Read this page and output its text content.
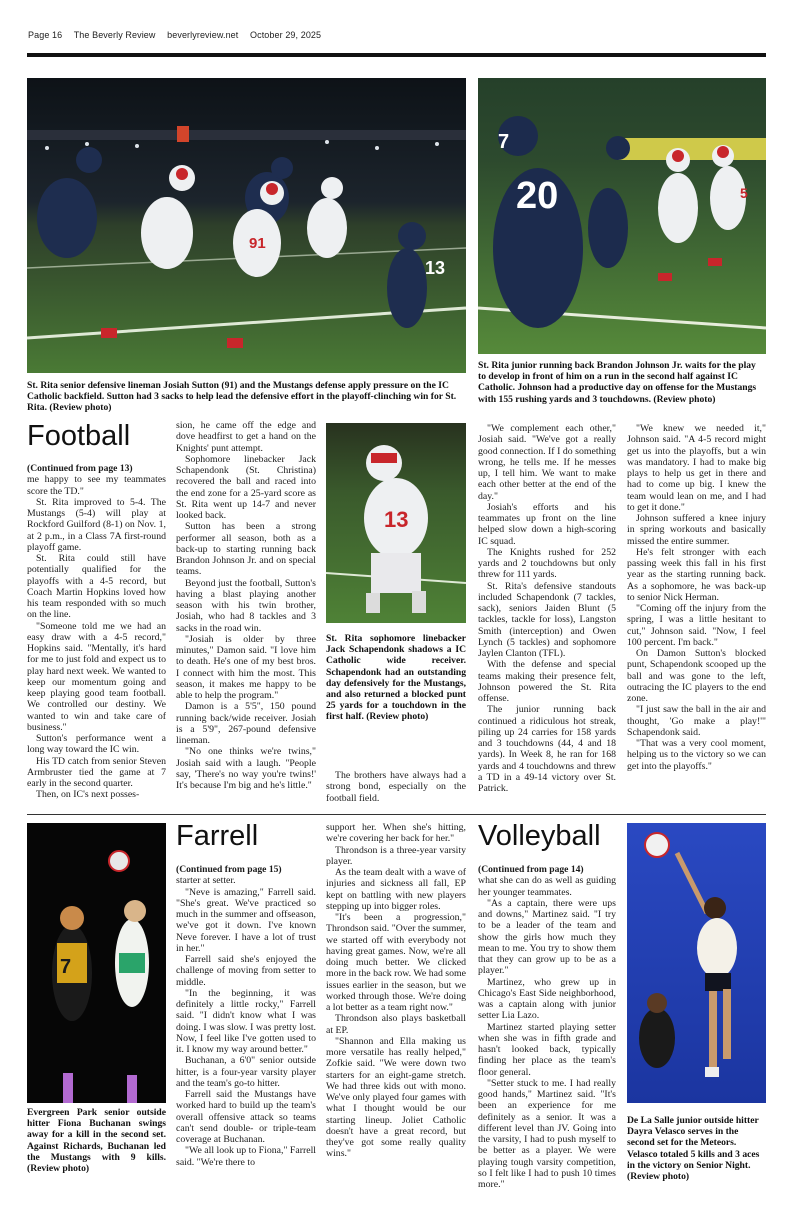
Page 16 The Beverly Review beverlyreview.net October 29, 2025
13
91
20
7
5
St. Rita senior defensive lineman Josiah Sutton (91) and the Mustangs defense apply pressure on the IC Catholic backfield. Sutton had 3 sacks to help lead the defensive effort in the playoff-clinching win for St. Rita. (Review photo)
St. Rita junior running back Brandon Johnson Jr. waits for the play to develop in front of him on a run in the second half against IC Catholic. Johnson had a productive day on offense for the Mustangs with 155 rushing yards and 3 touchdowns. (Review photo)
Football

(Continued from page 13)

me happy to see my teammates score the TD."

St. Rita improved to 5-4. The Mustangs (5-4) will play at Rockford Guilford (8-1) on Nov. 1, at 2 p.m., in a Class 7A first-round playoff game.

St. Rita could still have potentially qualified for the playoffs with a 4-5 record, but Coach Martin Hopkins loved how his team responded with so much on the line.

"Someone told me we had an easy draw with a 4-5 record," Hopkins said. "Mentally, it's hard for me to just fold and expect us to play hard next week. We wanted to keep our momentum going and keep playing good team football. We controlled our destiny. We wanted to win and take care of business."

Sutton's performance went a long way toward the IC win.

His TD catch from senior Steven Armbruster tied the game at 7 early in the second quarter.

Then, on IC's next posses-

sion, he came off the edge and dove headfirst to get a hand on the Knights' punt attempt.

Sophomore linebacker Jack Schapendonk (St. Christina) recovered the ball and raced into the end zone for a 25-yard score as St. Rita went up 14-7 and never looked back.

Sutton has been a strong performer all season, both as a back-up to starting running back Brandon Johnson Jr. and on special teams.

Beyond just the football, Sutton's having a blast playing another season with his twin brother, Josiah, who had 8 tackles and 3 sacks in the road win.

"Josiah is older by three minutes," Damon said. "I love him to death. He's one of my best bros. I connect with him the most. This season, it makes me happy to be able to help the program."

Damon is a 5'5", 150 pound running back/wide receiver. Josiah is a 5'9", 267-pound defensive lineman.

"No one thinks we're twins," Josiah said with a laugh. "People say, 'There's no way you're twins!' It's because I'm big and he's little."

13
St. Rita sophomore linebacker Jack Schapendonk shadows a IC Catholic wide receiver. Schapendonk had an outstanding day defensively for the Mustangs, and also returned a blocked punt 25 yards for a touchdown in the first half. (Review photo)

The brothers have always had a strong bond, especially on the football field.

"We complement each other," Josiah said. "We've got a really good connection. If I do something wrong, he tells me. If he messes up, I tell him. We want to make each other better at the end of the day."

Josiah's efforts and his teammates up front on the line helped slow down a high-scoring IC squad.

The Knights rushed for 252 yards and 2 touchdowns but only threw for 111 yards.

St. Rita's defensive standouts included Schapendonk (7 tackles, sack), seniors Jaiden Blunt (5 tackles, tackle for loss), Langston Smith (interception) and Owen Lynch (5 tackles) and sophomore Jaylen Clanton (TFL).

With the defense and special teams making their presence felt, Johnson powered the St. Rita offense.

The junior running back continued a ridiculous hot streak, piling up 24 carries for 158 yards and 3 touchdowns (44, 4 and 18 yards). In Week 8, he ran for 168 yards and 4 touchdowns and threw a TD in a 49-14 victory over St. Patrick.

"We knew we needed it," Johnson said. "A 4-5 record might get us into the playoffs, but a win was mandatory. I had to make big plays to help us get in there and had to come up big. I knew the team would lean on me, and I had to get it done."

Johnson suffered a knee injury in spring workouts and basically missed the entire summer.

He's felt stronger with each passing week this fall in his first year as the starting running back. As a sophomore, he was back-up to senior Nick Herman.

"Coming off the injury from the spring, I was a little hesitant to cut," Johnson said. "Now, I feel 100 percent. I'm back."

On Damon Sutton's blocked punt, Schapendonk scooped up the ball and was gone to the left, outracing the IC players to the end zone.

"I just saw the ball in the air and thought, 'Go make a play!'" Schapendonk said.

"That was a very cool moment, helping us to the victory so we can get into the playoffs."

7
Evergreen Park senior outside hitter Fiona Buchanan swings away for a kill in the second set. Against Richards, Buchanan led the Mustangs with 9 kills. (Review photo)
Farrell

(Continued from page 15)

starter at setter.

"Neve is amazing," Farrell said. "She's great. We've practiced so much in the summer and offseason, we've got it down. I've known Neve forever. I have a lot of trust in her."

Farrell said she's enjoyed the challenge of moving from setter to middle.

"In the beginning, it was definitely a little rocky," Farrell said. "I didn't know what I was doing. I was slow. I was pretty lost. Now, I feel like I've gotten used to it. I know my way around better."

Buchanan, a 6'0" senior outside hitter, is a four-year varsity player and the team's go-to hitter.

Farrell said the Mustangs have worked hard to build up the team's overall offensive attack so teams can't send double- or triple-team coverage at Buchanan.

"We all look up to Fiona," Farrell said. "We're there to

support her. When she's hitting, we're covering her back for her."

Throndson is a three-year varsity player.

As the team dealt with a wave of injuries and sickness all fall, EP kept on battling with new players stepping up into bigger roles.

"It's been a progression," Throndson said. "Over the summer, we started off with everybody not having great games. Now, we're all doing much better. We clicked more in the back row. We had some issues earlier in the season, but we worked through those. We're doing a lot better as a team right now."

Throndson also plays basketball at EP.

"Shannon and Ella making us more versatile has really helped," Zofkie said. "We were down two starters for an eight-game stretch. We had three kids out with mono. We've only played four games with what I thought would be our starting lineup. Joliet Catholic doesn't have a great record, but they've got some really quality wins."

Volleyball

(Continued from page 14)

what she can do as well as guiding her younger teammates.

"As a captain, there were ups and downs," Martinez said. "I try to be a leader of the team and show the girls how much they mean to me. You try to show them that they can grow up to be as a player."

Martinez, who grew up in Chicago's East Side neighborhood, was a captain along with junior setter Lia Lazo.

Martinez started playing setter when she was in fifth grade and hasn't looked back, typically finding her place as the team's floor general.

"Setter stuck to me. I had really good hands," Martinez said. "It's been an experience for me definitely as a senior. It was a different level than JV. Going into the varsity, I had to push myself to be better as a player. We were playing tough varsity competition, so I felt like I had to push 10 times more."

De La Salle junior outside hitter Dayra Velasco serves in the second set for the Meteors. Velasco totaled 5 kills and 3 aces in the victory on Senior Night. (Review photo)
